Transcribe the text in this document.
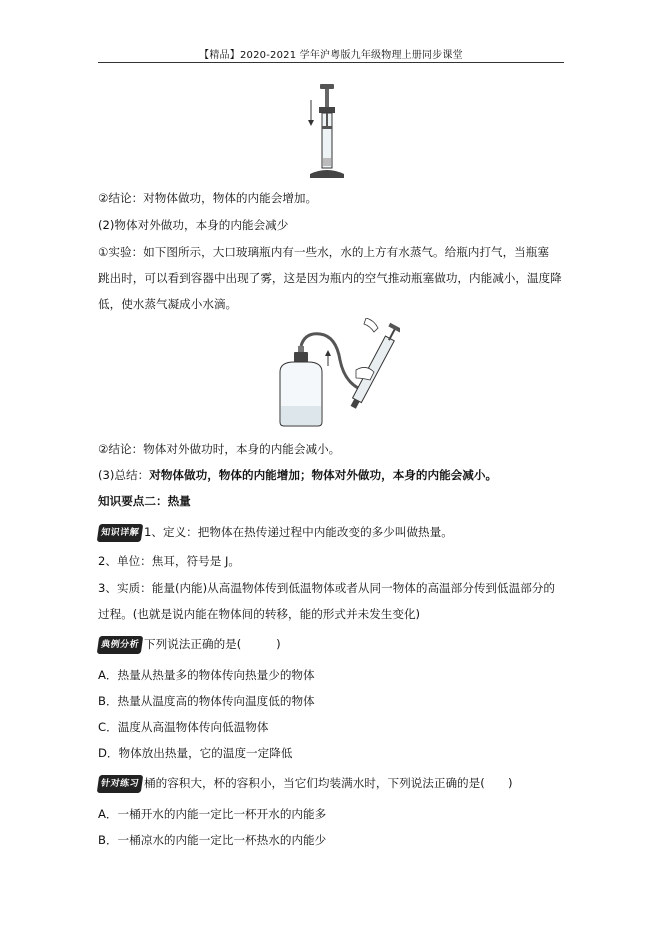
【精品】2020-2021 学年沪粤版九年级物理上册同步课堂
②结论：对物体做功，物体的内能会增加。
(2)物体对外做功，本身的内能会减少
①实验：如下图所示，大口玻璃瓶内有一些水，水的上方有水蒸气。给瓶内打气，当瓶塞
跳出时，可以看到容器中出现了雾，这是因为瓶内的空气推动瓶塞做功，内能减小，温度降
低，使水蒸气凝成小水滴。
②结论：物体对外做功时，本身的内能会减小。
(3)总结：对物体做功，物体的内能增加；物体对外做功，本身的内能会减小。
知识要点二：热量
知识详解 1、定义：把物体在热传递过程中内能改变的多少叫做热量。
2、单位：焦耳，符号是 J。
3、实质：能量(内能)从高温物体传到低温物体或者从同一物体的高温部分传到低温部分的
过程。(也就是说内能在物体间的转移，能的形式并未发生变化)
典例分析 下列说法正确的是(　　　)
A．热量从热量多的物体传向热量少的物体
B．热量从温度高的物体传向温度低的物体
C．温度从高温物体传向低温物体
D．物体放出热量，它的温度一定降低
针对练习 桶的容积大，杯的容积小，当它们均装满水时，下列说法正确的是(　　)
A．一桶开水的内能一定比一杯开水的内能多
B．一桶凉水的内能一定比一杯热水的内能少
